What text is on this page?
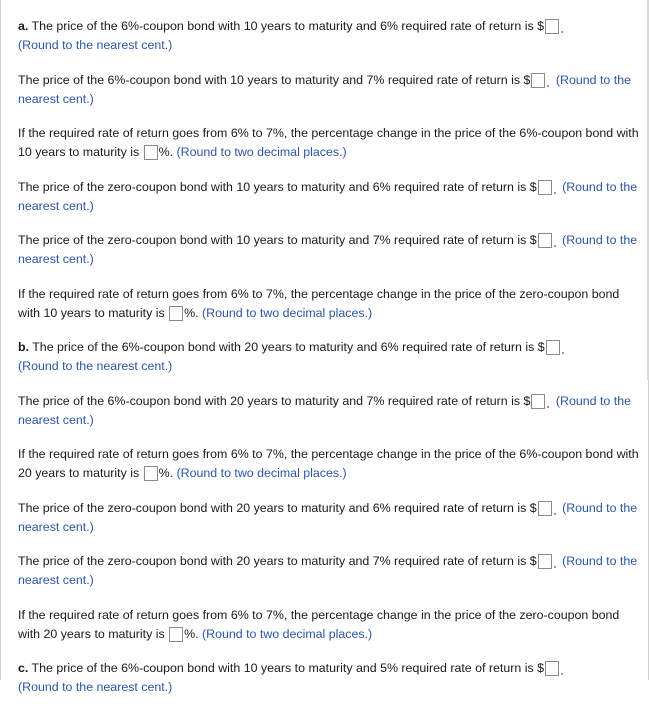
a. The price of the 6%-coupon bond with 10 years to maturity and 6% required rate of return is $
(Round to the nearest cent.)
The price of the 6%-coupon bond with 10 years to maturity and 7% required rate of return is $ (Round to the nearest cent.)
If the required rate of return goes from 6% to 7%, the percentage change in the price of the 6%-coupon bond with 10 years to maturity is %. (Round to two decimal places.)
The price of the zero-coupon bond with 10 years to maturity and 6% required rate of return is $ (Round to the nearest cent.)
The price of the zero-coupon bond with 10 years to maturity and 7% required rate of return is $ (Round to the nearest cent.)
If the required rate of return goes from 6% to 7%, the percentage change in the price of the zero-coupon bond with 10 years to maturity is %. (Round to two decimal places.)
b. The price of the 6%-coupon bond with 20 years to maturity and 6% required rate of return is $
(Round to the nearest cent.)
The price of the 6%-coupon bond with 20 years to maturity and 7% required rate of return is $ (Round to the nearest cent.)
If the required rate of return goes from 6% to 7%, the percentage change in the price of the 6%-coupon bond with 20 years to maturity is %. (Round to two decimal places.)
The price of the zero-coupon bond with 20 years to maturity and 6% required rate of return is $ (Round to the nearest cent.)
The price of the zero-coupon bond with 20 years to maturity and 7% required rate of return is $ (Round to the nearest cent.)
If the required rate of return goes from 6% to 7%, the percentage change in the price of the zero-coupon bond with 20 years to maturity is %. (Round to two decimal places.)
c. The price of the 6%-coupon bond with 10 years to maturity and 5% required rate of return is $
(Round to the nearest cent.)
